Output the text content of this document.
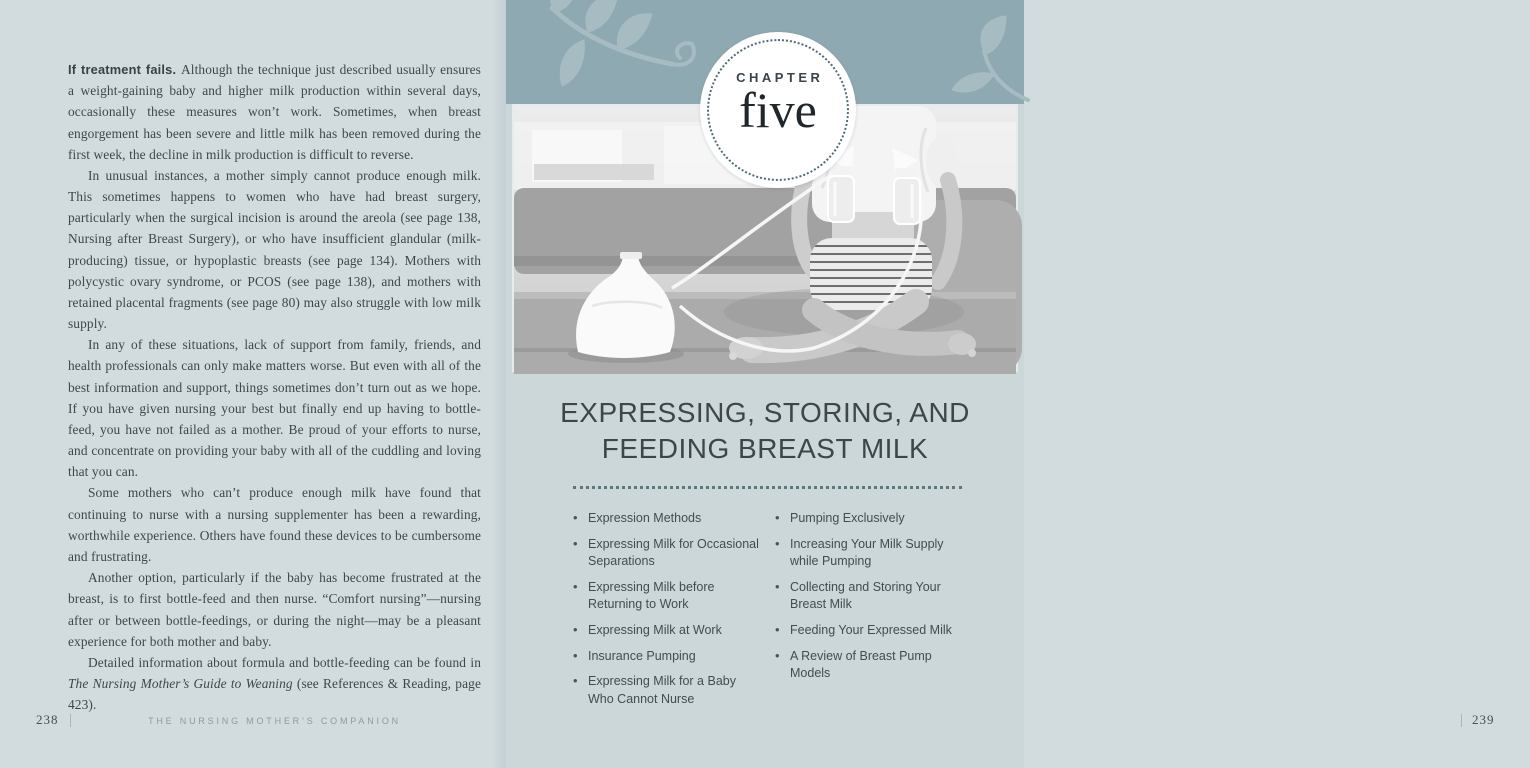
If treatment fails. Although the technique just described usually ensures a weight-gaining baby and higher milk production within several days, occasionally these measures won’t work. Sometimes, when breast engorgement has been severe and little milk has been removed during the first week, the decline in milk production is difficult to reverse.

In unusual instances, a mother simply cannot produce enough milk. This sometimes happens to women who have had breast surgery, particularly when the surgical incision is around the areola (see page 138, Nursing after Breast Surgery), or who have insufficient glandular (milk-producing) tissue, or hypoplastic breasts (see page 134). Mothers with polycystic ovary syndrome, or PCOS (see page 138), and mothers with retained placental fragments (see page 80) may also struggle with low milk supply.

In any of these situations, lack of support from family, friends, and health professionals can only make matters worse. But even with all of the best information and support, things sometimes don’t turn out as we hope. If you have given nursing your best but finally end up having to bottle-feed, you have not failed as a mother. Be proud of your efforts to nurse, and concentrate on providing your baby with all of the cuddling and loving that you can.

Some mothers who can’t produce enough milk have found that continuing to nurse with a nursing supplementer has been a rewarding, worthwhile experience. Others have found these devices to be cumbersome and frustrating.

Another option, particularly if the baby has become frustrated at the breast, is to first bottle-feed and then nurse. “Comfort nursing”—nursing after or between bottle-feedings, or during the night—may be a pleasant experience for both mother and baby.

Detailed information about formula and bottle-feeding can be found in The Nursing Mother’s Guide to Weaning (see References & Reading, page 423).

238	THE NURSING MOTHER’S COMPANION
CHAPTER
five
EXPRESSING, STORING, AND
FEEDING BREAST MILK
• Expression Methods
• Expressing Milk for Occasional Separations
• Expressing Milk before Returning to Work
• Expressing Milk at Work
• Insurance Pumping
• Expressing Milk for a Baby Who Cannot Nurse
• Pumping Exclusively
• Increasing Your Milk Supply while Pumping
• Collecting and Storing Your Breast Milk
• Feeding Your Expressed Milk
• A Review of Breast Pump Models
239
